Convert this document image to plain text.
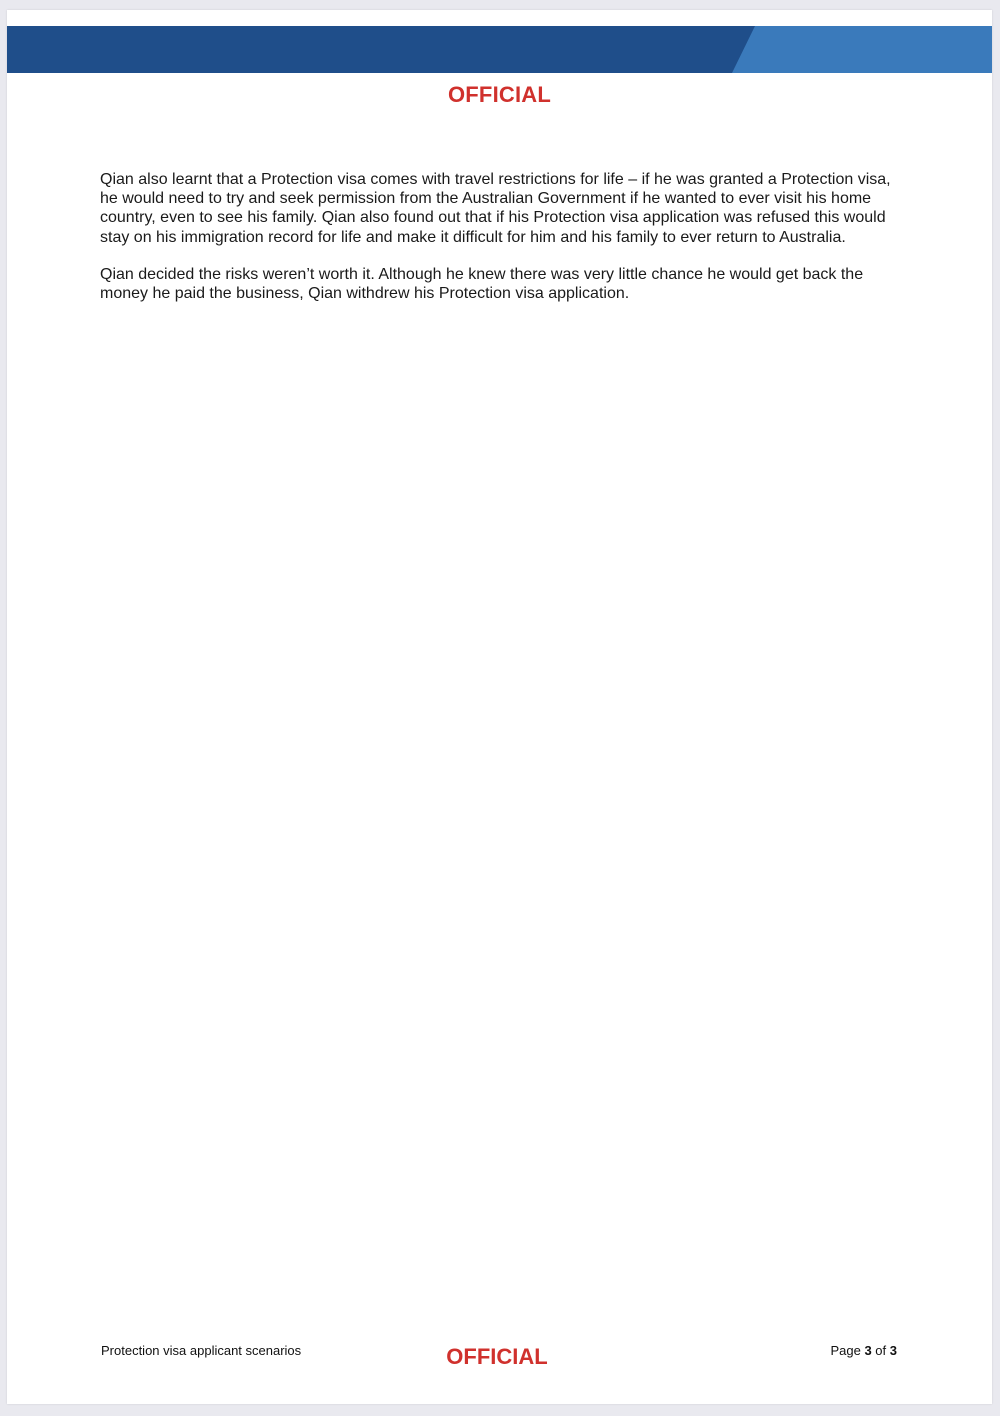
OFFICIAL

Qian also learnt that a Protection visa comes with travel restrictions for life – if he was granted a Protection visa, he would need to try and seek permission from the Australian Government if he wanted to ever visit his home country, even to see his family. Qian also found out that if his Protection visa application was refused this would stay on his immigration record for life and make it difficult for him and his family to ever return to Australia.

Qian decided the risks weren’t worth it. Although he knew there was very little chance he would get back the money he paid the business, Qian withdrew his Protection visa application.

Protection visa applicant scenarios	OFFICIAL	Page 3 of 3
